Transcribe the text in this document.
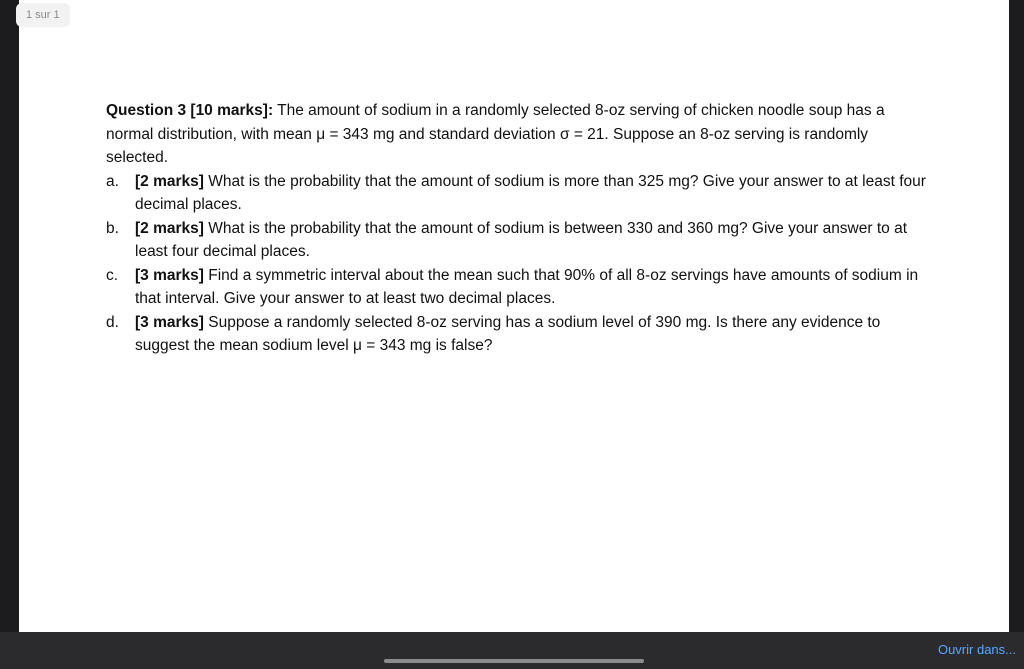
1 sur 1

Question 3 [10 marks]: The amount of sodium in a randomly selected 8-oz serving of chicken noodle soup has a normal distribution, with mean μ = 343 mg and standard deviation σ = 21. Suppose an 8-oz serving is randomly selected.

a. [2 marks] What is the probability that the amount of sodium is more than 325 mg? Give your answer to at least four decimal places.
b. [2 marks] What is the probability that the amount of sodium is between 330 and 360 mg? Give your answer to at least four decimal places.
c. [3 marks] Find a symmetric interval about the mean such that 90% of all 8-oz servings have amounts of sodium in that interval. Give your answer to at least two decimal places.
d. [3 marks] Suppose a randomly selected 8-oz serving has a sodium level of 390 mg. Is there any evidence to suggest the mean sodium level μ = 343 mg is false?
Ouvrir dans...
